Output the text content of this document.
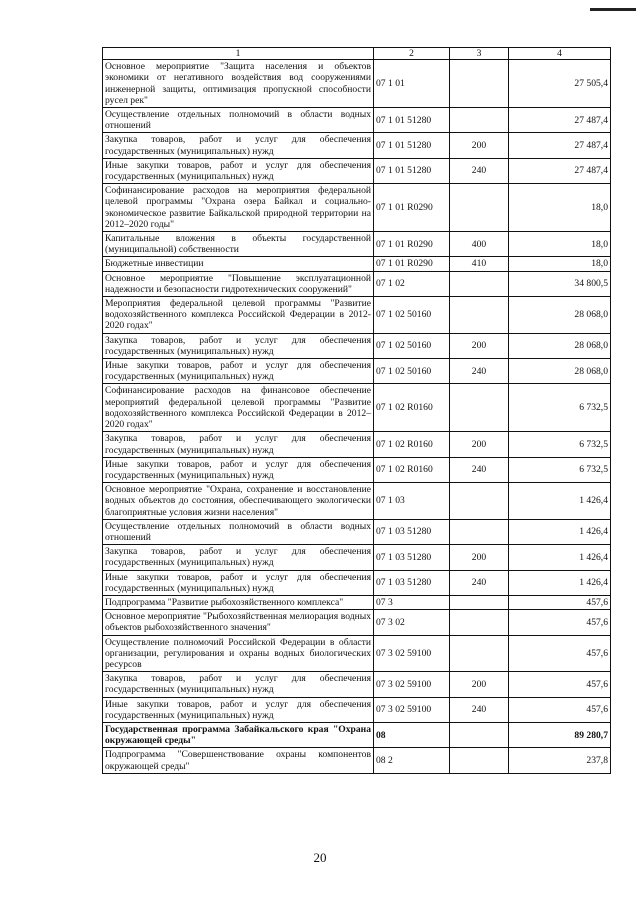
1	2	3	4
Основное мероприятие "Защита населения и объектов экономики от негативного воздействия вод сооружениями инженерной защиты, оптимизация пропускной способности русел рек"	07 1 01		27 505,4
Осуществление отдельных полномочий в области водных отношений	07 1 01 51280		27 487,4
Закупка товаров, работ и услуг для обеспечения государственных (муниципальных) нужд	07 1 01 51280	200	27 487,4
Иные закупки товаров, работ и услуг для обеспечения государственных (муниципальных) нужд	07 1 01 51280	240	27 487,4
Софинансирование расходов на мероприятия федеральной целевой программы "Охрана озера Байкал и социально-экономическое развитие Байкальской природной территории на 2012–2020 годы"	07 1 01 R0290		18,0
Капитальные вложения в объекты государственной (муниципальной) собственности	07 1 01 R0290	400	18,0
Бюджетные инвестиции	07 1 01 R0290	410	18,0
Основное мероприятие "Повышение эксплуатационной надежности и безопасности гидротехнических сооружений"	07 1 02		34 800,5
Мероприятия федеральной целевой программы "Развитие водохозяйственного комплекса Российской Федерации в 2012-2020 годах"	07 1 02 50160		28 068,0
Закупка товаров, работ и услуг для обеспечения государственных (муниципальных) нужд	07 1 02 50160	200	28 068,0
Иные закупки товаров, работ и услуг для обеспечения государственных (муниципальных) нужд	07 1 02 50160	240	28 068,0
Софинансирование расходов на финансовое обеспечение мероприятий федеральной целевой программы "Развитие водохозяйственного комплекса Российской Федерации в 2012–2020 годах"	07 1 02 R0160		6 732,5
Закупка товаров, работ и услуг для обеспечения государственных (муниципальных) нужд	07 1 02 R0160	200	6 732,5
Иные закупки товаров, работ и услуг для обеспечения государственных (муниципальных) нужд	07 1 02 R0160	240	6 732,5
Основное мероприятие "Охрана, сохранение и восстановление водных объектов до состояния, обеспечивающего экологически благоприятные условия жизни населения"	07 1 03		1 426,4
Осуществление отдельных полномочий в области водных отношений	07 1 03 51280		1 426,4
Закупка товаров, работ и услуг для обеспечения государственных (муниципальных) нужд	07 1 03 51280	200	1 426,4
Иные закупки товаров, работ и услуг для обеспечения государственных (муниципальных) нужд	07 1 03 51280	240	1 426,4
Подпрограмма "Развитие рыбохозяйственного комплекса"	07 3		457,6
Основное мероприятие "Рыбохозяйственная мелиорация водных объектов рыбохозяйственного значения"	07 3 02		457,6
Осуществление полномочий Российской Федерации в области организации, регулирования и охраны водных биологических ресурсов	07 3 02 59100		457,6
Закупка товаров, работ и услуг для обеспечения государственных (муниципальных) нужд	07 3 02 59100	200	457,6
Иные закупки товаров, работ и услуг для обеспечения государственных (муниципальных) нужд	07 3 02 59100	240	457,6
Государственная программа Забайкальского края "Охрана окружающей среды"	08		89 280,7
Подпрограмма "Совершенствование охраны компонентов окружающей среды"	08 2		237,8
20
